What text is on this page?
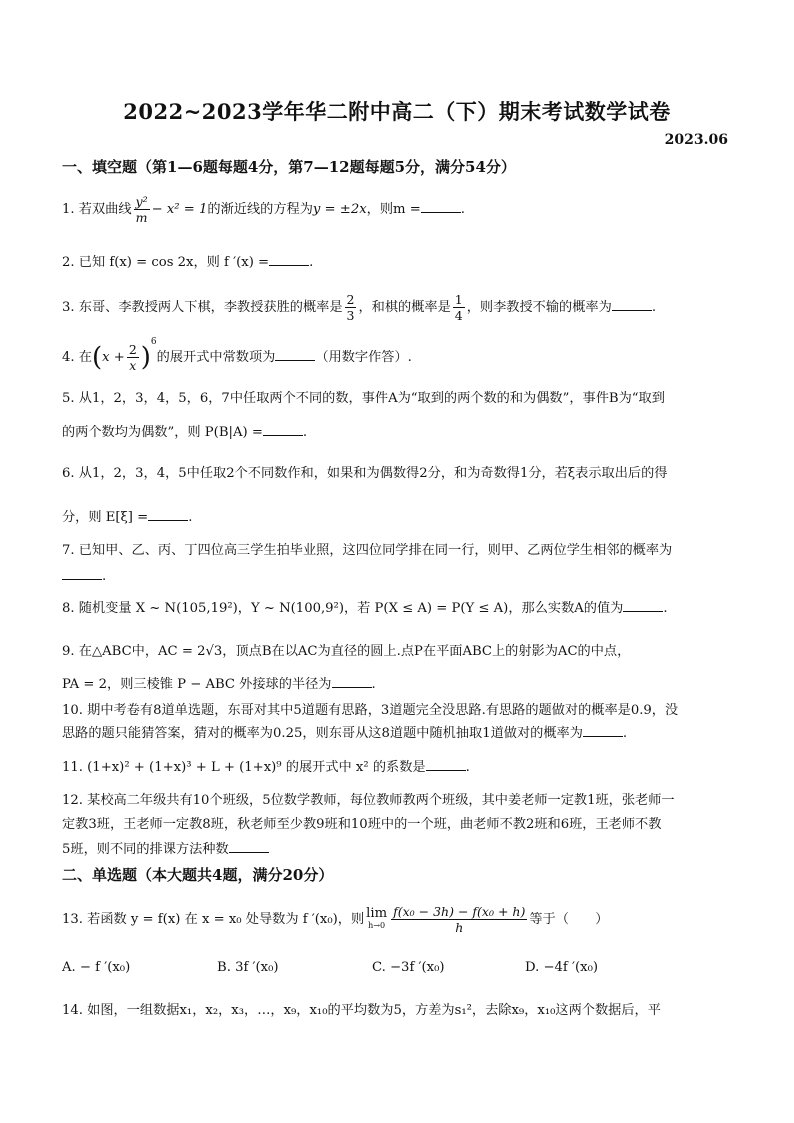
2022~2023学年华二附中高二（下）期末考试数学试卷
2023.06
一、填空题（第1—6题每题4分，第7—12题每题5分，满分54分）
1. 若双曲线 $\frac{\text{y²}}{m} - x^2 = 1$的渐近线的方程为y = ±2x，则m =	.
2. 已知 f(x) = cos 2x，则 f ′(x) =	.
3. 东哥、李教授两人下棋，李教授获胜的概率是 $\frac{2}{3}$ ，和棋的概率是 $\frac{1}{4}$ ，则李教授不输的概率为	.
4. 在$(x + \frac{2}{x} )^6$的展开式中常数项为	（用数字作答）.
5. 从1，2，3，4，5，6，7中任取两个不同的数，事件A为“取到的两个数的和为偶数”，事件B为“取到
的两个数均为偶数”，则 P(B|A) =	.
6. 从1，2，3，4，5中任取2个不同数作和，如果和为偶数得2分，和为奇数得1分，若ξ表示取出后的得
分，则 E[ξ] =	.
7. 已知甲、乙、丙、丁四位高三学生拍毕业照，这四位同学排在同一行，则甲、乙两位学生相邻的概率为
.
8. 随机变量 X ~ N(105,19²)，Y ~ N(100,9²)，若 P(X ≤ A) = P(Y ≤ A)，那么实数A的值为	.
9. 在△ABC中，AC = 2√3，顶点B在以AC为直径的圆上.点P在平面ABC上的射影为AC的中点，
PA = 2，则三棱锥 P − ABC 外接球的半径为	.
10. 期中考卷有8道单选题，东哥对其中5道题有思路，3道题完全没思路.有思路的题做对的概率是0.9，没
思路的题只能猜答案，猜对的概率为0.25，则东哥从这8道题中随机抽取1道做对的概率为	.
11. (1+x)² + (1+x)³ + L + (1+x)⁹ 的展开式中 x² 的系数是	.
12. 某校高二年级共有10个班级，5位数学教师，每位教师教两个班级，其中姜老师一定教1班，张老师一
定教3班，王老师一定教8班，秋老师至少教9班和10班中的一个班，曲老师不教2班和6班，王老师不教
5班，则不同的排课方法种数
二、单选题（本大题共4题，满分20分）
13. 若函数 y = f(x) 在 x = x₀ 处导数为 f ′(x₀)，则 lim
$h\to 0 \frac{\text{f(x₀ − 3h) − f(x₀ + h)}}{h}$ 等于（　　）
A. − f ′(x₀)	B. 3f ′(x₀)	C. −3f ′(x₀)	D. −4f ′(x₀)
14. 如图，一组数据x₁，x₂，x₃，…，x₉，x₁₀的平均数为5，方差为s₁²，去除x₉，x₁₀这两个数据后，平
